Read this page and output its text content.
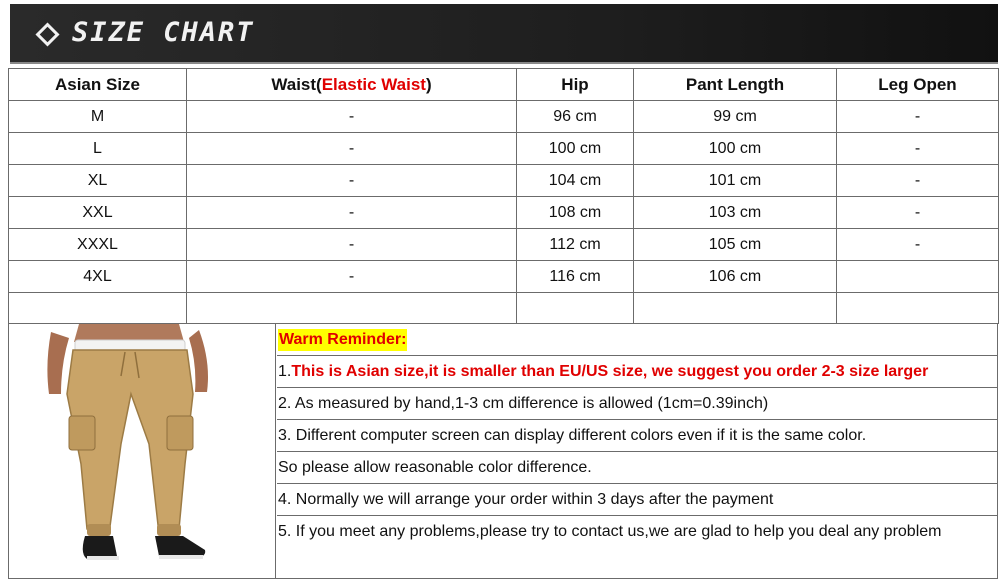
SIZE CHART
Asian Size	Waist(Elastic Waist)	Hip	Pant Length	Leg Open
M	-	96 cm	99 cm	-
L	-	100 cm	100 cm	-
XL	-	104 cm	101 cm	-
XXL	-	108 cm	103 cm	-
XXXL	-	112 cm	105 cm	-
4XL	-	116 cm	106 cm	

Warm Reminder:
1. This is Asian size,it is smaller than EU/US size, we suggest you order 2-3 size larger
2. As measured by hand,1-3 cm difference is allowed (1cm=0.39inch)
3. Different computer screen can display different colors even if it is the same color.
So please allow reasonable color difference.
4. Normally we will arrange your order within 3 days after the payment
5. If you meet any problems,please try to contact us,we are glad to help you deal any problem
